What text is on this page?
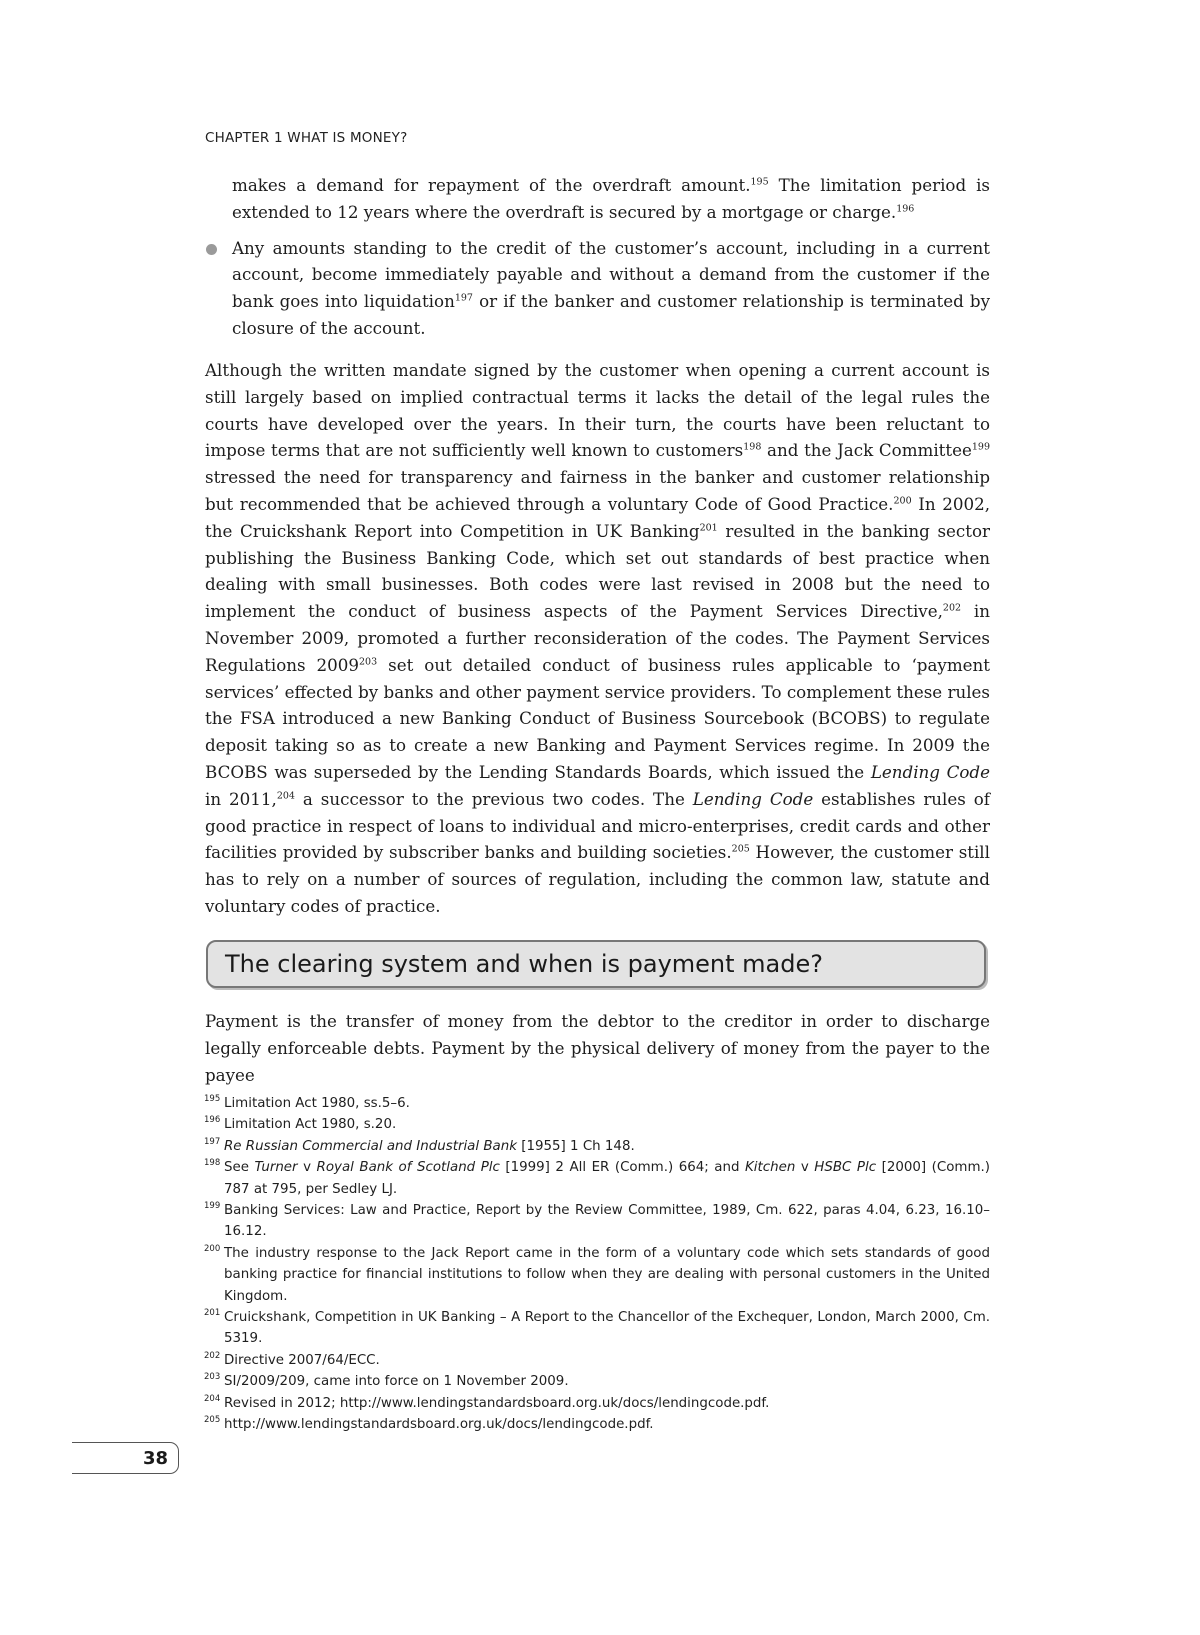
CHAPTER 1 WHAT IS MONEY?
makes a demand for repayment of the overdraft amount.$^{195}$ The limitation period is extended to 12 years where the overdraft is secured by a mortgage or charge.$^{196}$
Any amounts standing to the credit of the customer’s account, including in a current account, become immediately payable and without a demand from the customer if the bank goes into liquidation$^{197}$ or if the banker and customer relationship is terminated by closure of the account.

Although the written mandate signed by the customer when opening a current account is still largely based on implied contractual terms it lacks the detail of the legal rules the courts have developed over the years. In their turn, the courts have been reluctant to impose terms that are not sufficiently well known to customers$^{198}$ and the Jack Committee$^{199}$ stressed the need for transparency and fairness in the banker and customer relationship but recommended that be achieved through a voluntary Code of Good Practice.$^{200}$ In 2002, the Cruickshank Report into Competition in UK Banking$^{201}$ resulted in the banking sector publishing the Business Banking Code, which set out standards of best practice when dealing with small businesses. Both codes were last revised in 2008 but the need to implement the conduct of business aspects of the Payment Services Directive,$^{202}$ in November 2009, promoted a further reconsideration of the codes. The Payment Services Regulations 2009$^{203}$ set out detailed conduct of business rules applicable to ‘payment services’ effected by banks and other payment service providers. To complement these rules the FSA introduced a new Banking Conduct of Business Sourcebook (BCOBS) to regulate deposit taking so as to create a new Banking and Payment Services regime. In 2009 the BCOBS was superseded by the Lending Standards Boards, which issued the Lending Code in 2011,$^{204}$ a successor to the previous two codes. The Lending Code establishes rules of good practice in respect of loans to individual and micro-enterprises, credit cards and other facilities provided by subscriber banks and building societies.$^{205}$ However, the customer still has to rely on a number of sources of regulation, including the common law, statute and voluntary codes of practice.

The clearing system and when is payment made?

Payment is the transfer of money from the debtor to the creditor in order to discharge legally enforceable debts. Payment by the physical delivery of money from the payer to the payee

195 Limitation Act 1980, ss.5–6.
196 Limitation Act 1980, s.20.
197 Re Russian Commercial and Industrial Bank [1955] 1 Ch 148.
198 See Turner v Royal Bank of Scotland Plc [1999] 2 All ER (Comm.) 664; and Kitchen v HSBC Plc [2000] (Comm.) 787 at 795, per Sedley LJ.
199 Banking Services: Law and Practice, Report by the Review Committee, 1989, Cm. 622, paras 4.04, 6.23, 16.10–16.12.
200 The industry response to the Jack Report came in the form of a voluntary code which sets standards of good banking practice for financial institutions to follow when they are dealing with personal customers in the United Kingdom.
201 Cruickshank, Competition in UK Banking – A Report to the Chancellor of the Exchequer, London, March 2000, Cm. 5319.
202 Directive 2007/64/ECC.
203 SI/2009/209, came into force on 1 November 2009.
204 Revised in 2012; http://www.lendingstandardsboard.org.uk/docs/lendingcode.pdf.
205 http://www.lendingstandardsboard.org.uk/docs/lendingcode.pdf.
38
